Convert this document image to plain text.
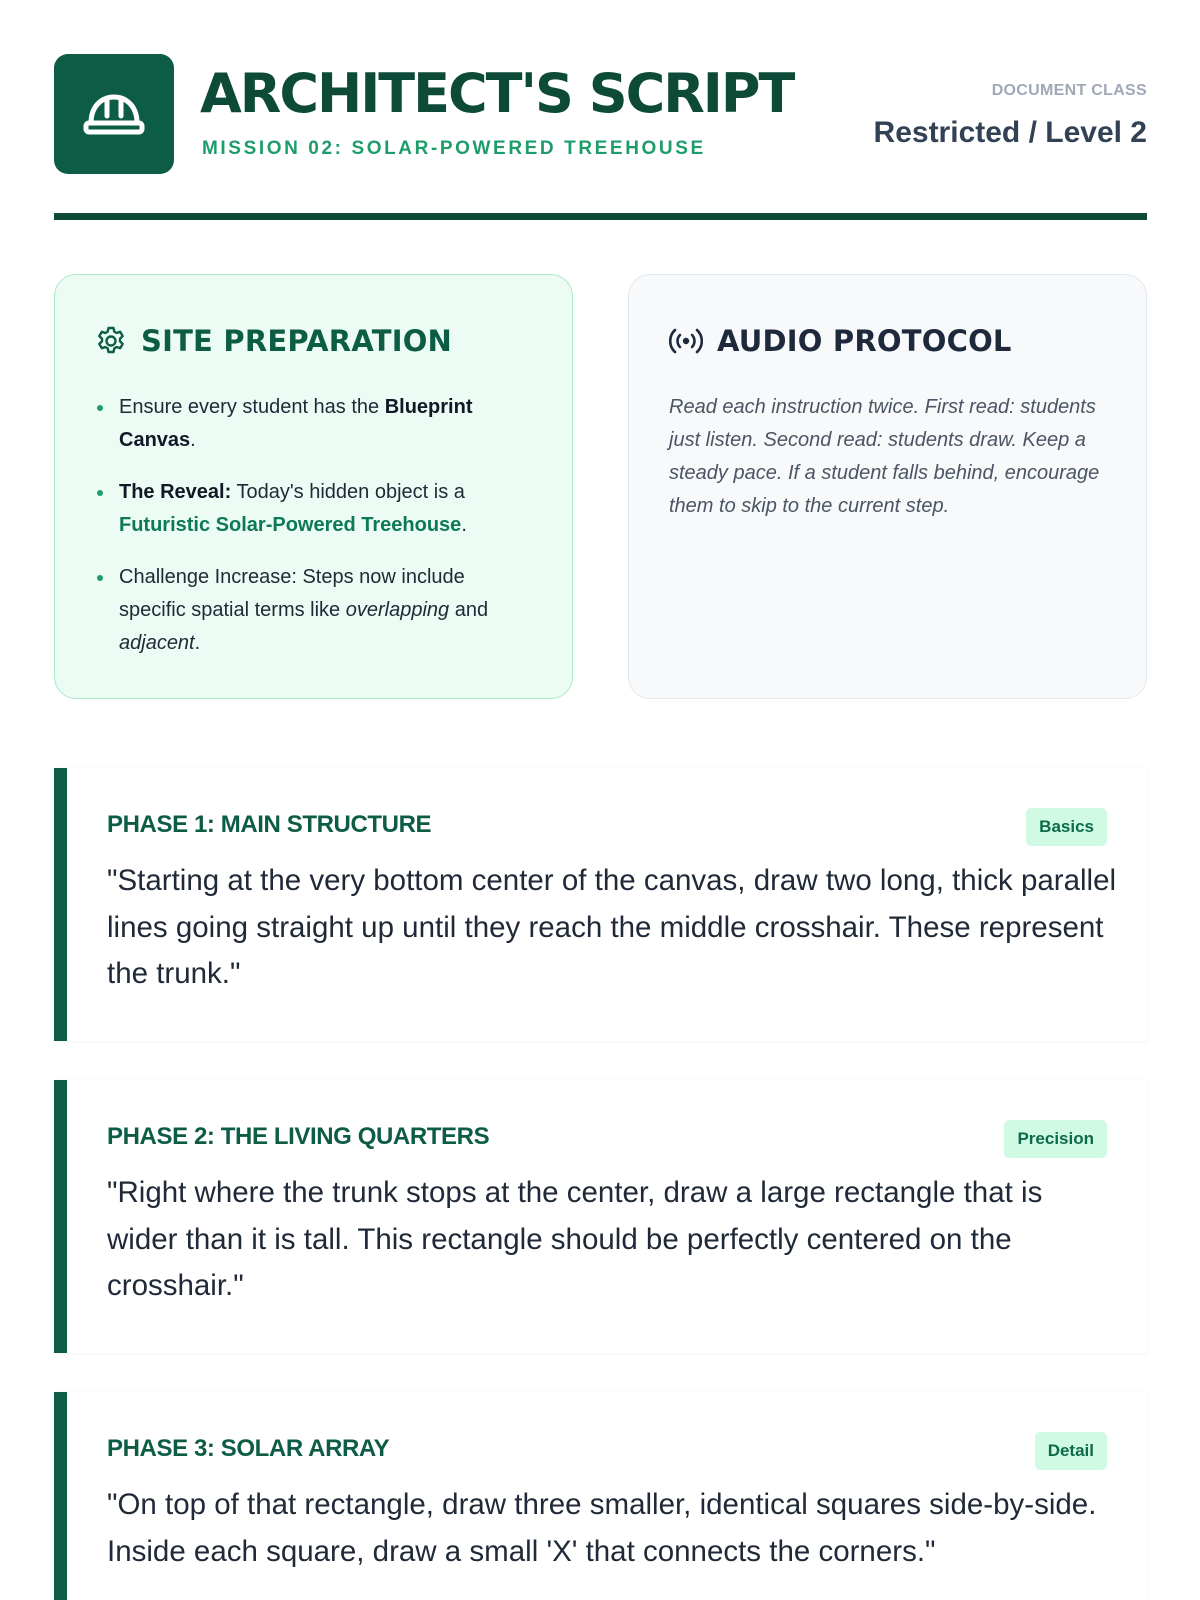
ARCHITECT'S SCRIPT
MISSION 02: SOLAR-POWERED TREEHOUSE
DOCUMENT CLASS
Restricted / Level 2
SITE PREPARATION
Ensure every student has the Blueprint Canvas.
The Reveal: Today's hidden object is a Futuristic Solar-Powered Treehouse.
Challenge Increase: Steps now include specific spatial terms like overlapping and adjacent.
AUDIO PROTOCOL

Read each instruction twice. First read: students just listen. Second read: students draw. Keep a steady pace. If a student falls behind, encourage them to skip to the current step.

PHASE 1: MAIN STRUCTURE	Basics

"Starting at the very bottom center of the canvas, draw two long, thick parallel lines going straight up until they reach the middle crosshair. These represent the trunk."

PHASE 2: THE LIVING QUARTERS	Precision

"Right where the trunk stops at the center, draw a large rectangle that is wider than it is tall. This rectangle should be perfectly centered on the crosshair."

PHASE 3: SOLAR ARRAY	Detail

"On top of that rectangle, draw three smaller, identical squares side-by-side. Inside each square, draw a small 'X' that connects the corners."
